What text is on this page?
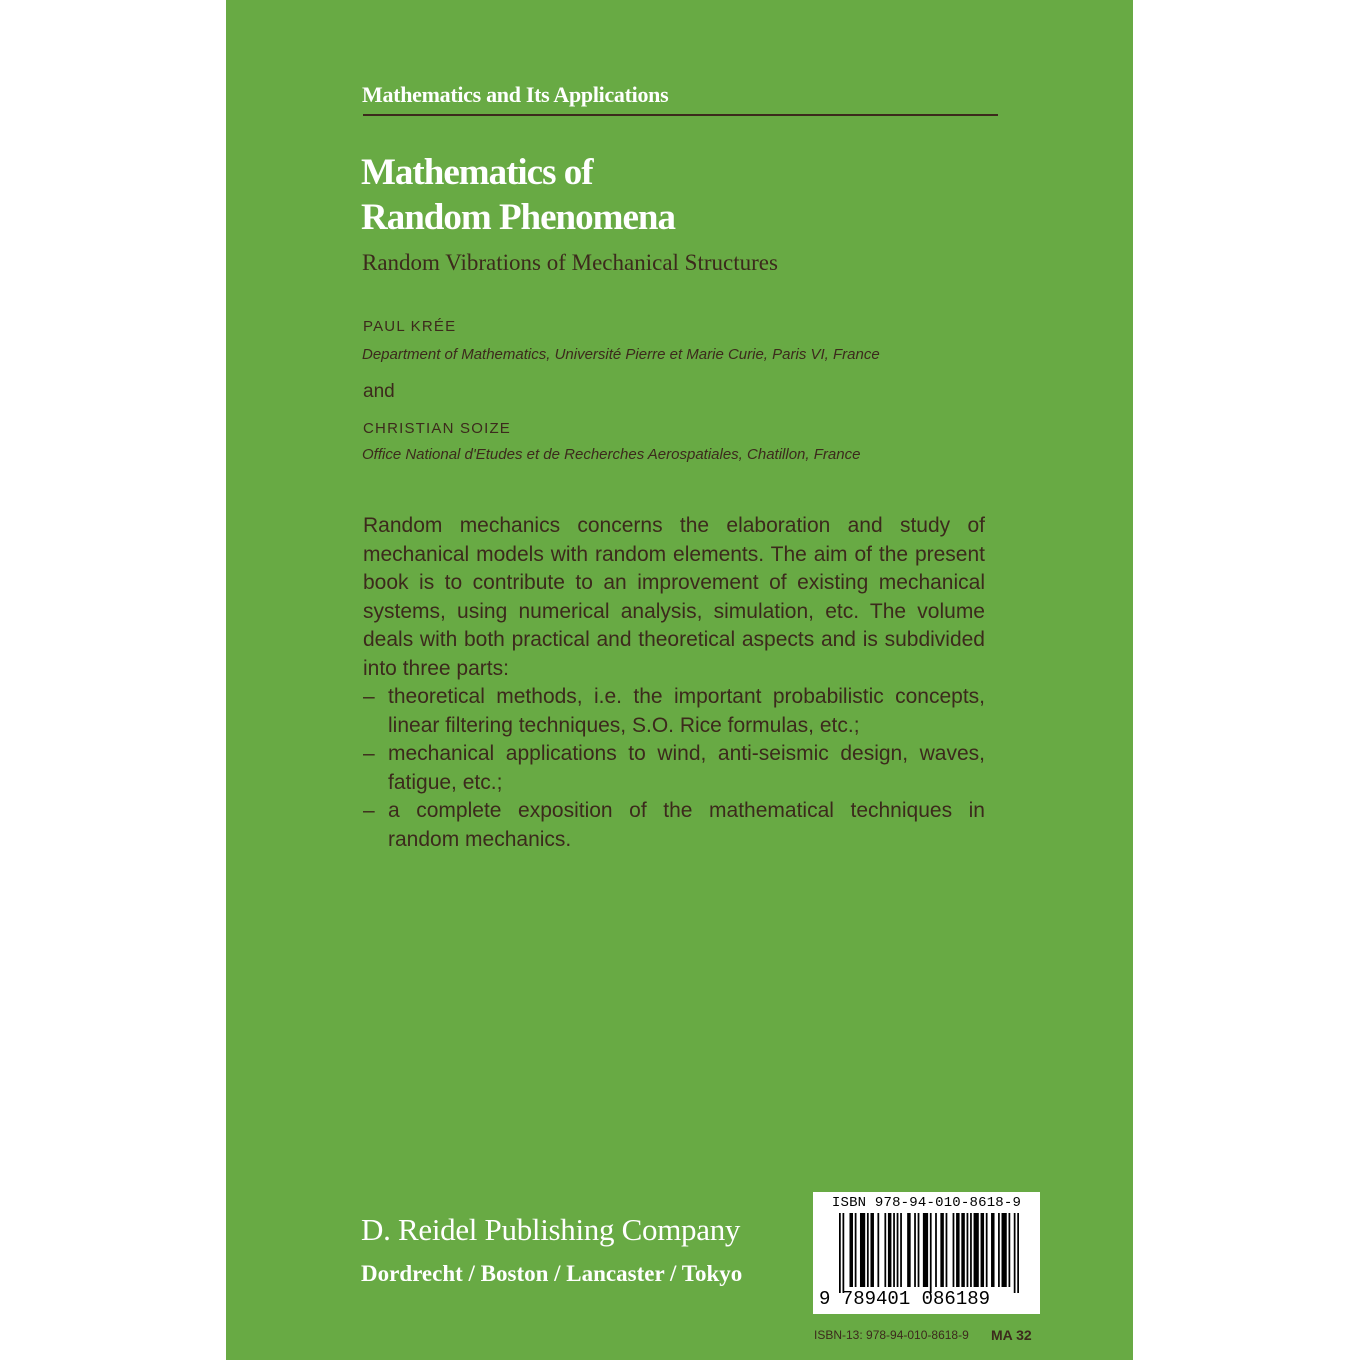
Mathematics and Its Applications
Mathematics of
Random Phenomena
Random Vibrations of Mechanical Structures
PAUL KRÉE
Department of Mathematics, Université Pierre et Marie Curie, Paris VI, France
and
CHRISTIAN SOIZE
Office National d'Etudes et de Recherches Aerospatiales, Chatillon, France

Random mechanics concerns the elaboration and study of mechanical models with random elements. The aim of the present book is to contribute to an improvement of existing mechanical systems, using numerical analysis, simulation, etc. The volume deals with both practical and theoretical aspects and is subdivided into three parts:

– theoretical methods, i.e. the important probabilistic concepts, linear filtering techniques, S.O. Rice formulas, etc.;
– mechanical applications to wind, anti-seismic design, waves, fatigue, etc.;
– a complete exposition of the mathematical techniques in random mechanics.
D. Reidel Publishing Company
Dordrecht / Boston / Lancaster / Tokyo
ISBN 978-94-010-8618-9
9 789401 086189
ISBN-13: 978-94-010-8618-9 MA 32
